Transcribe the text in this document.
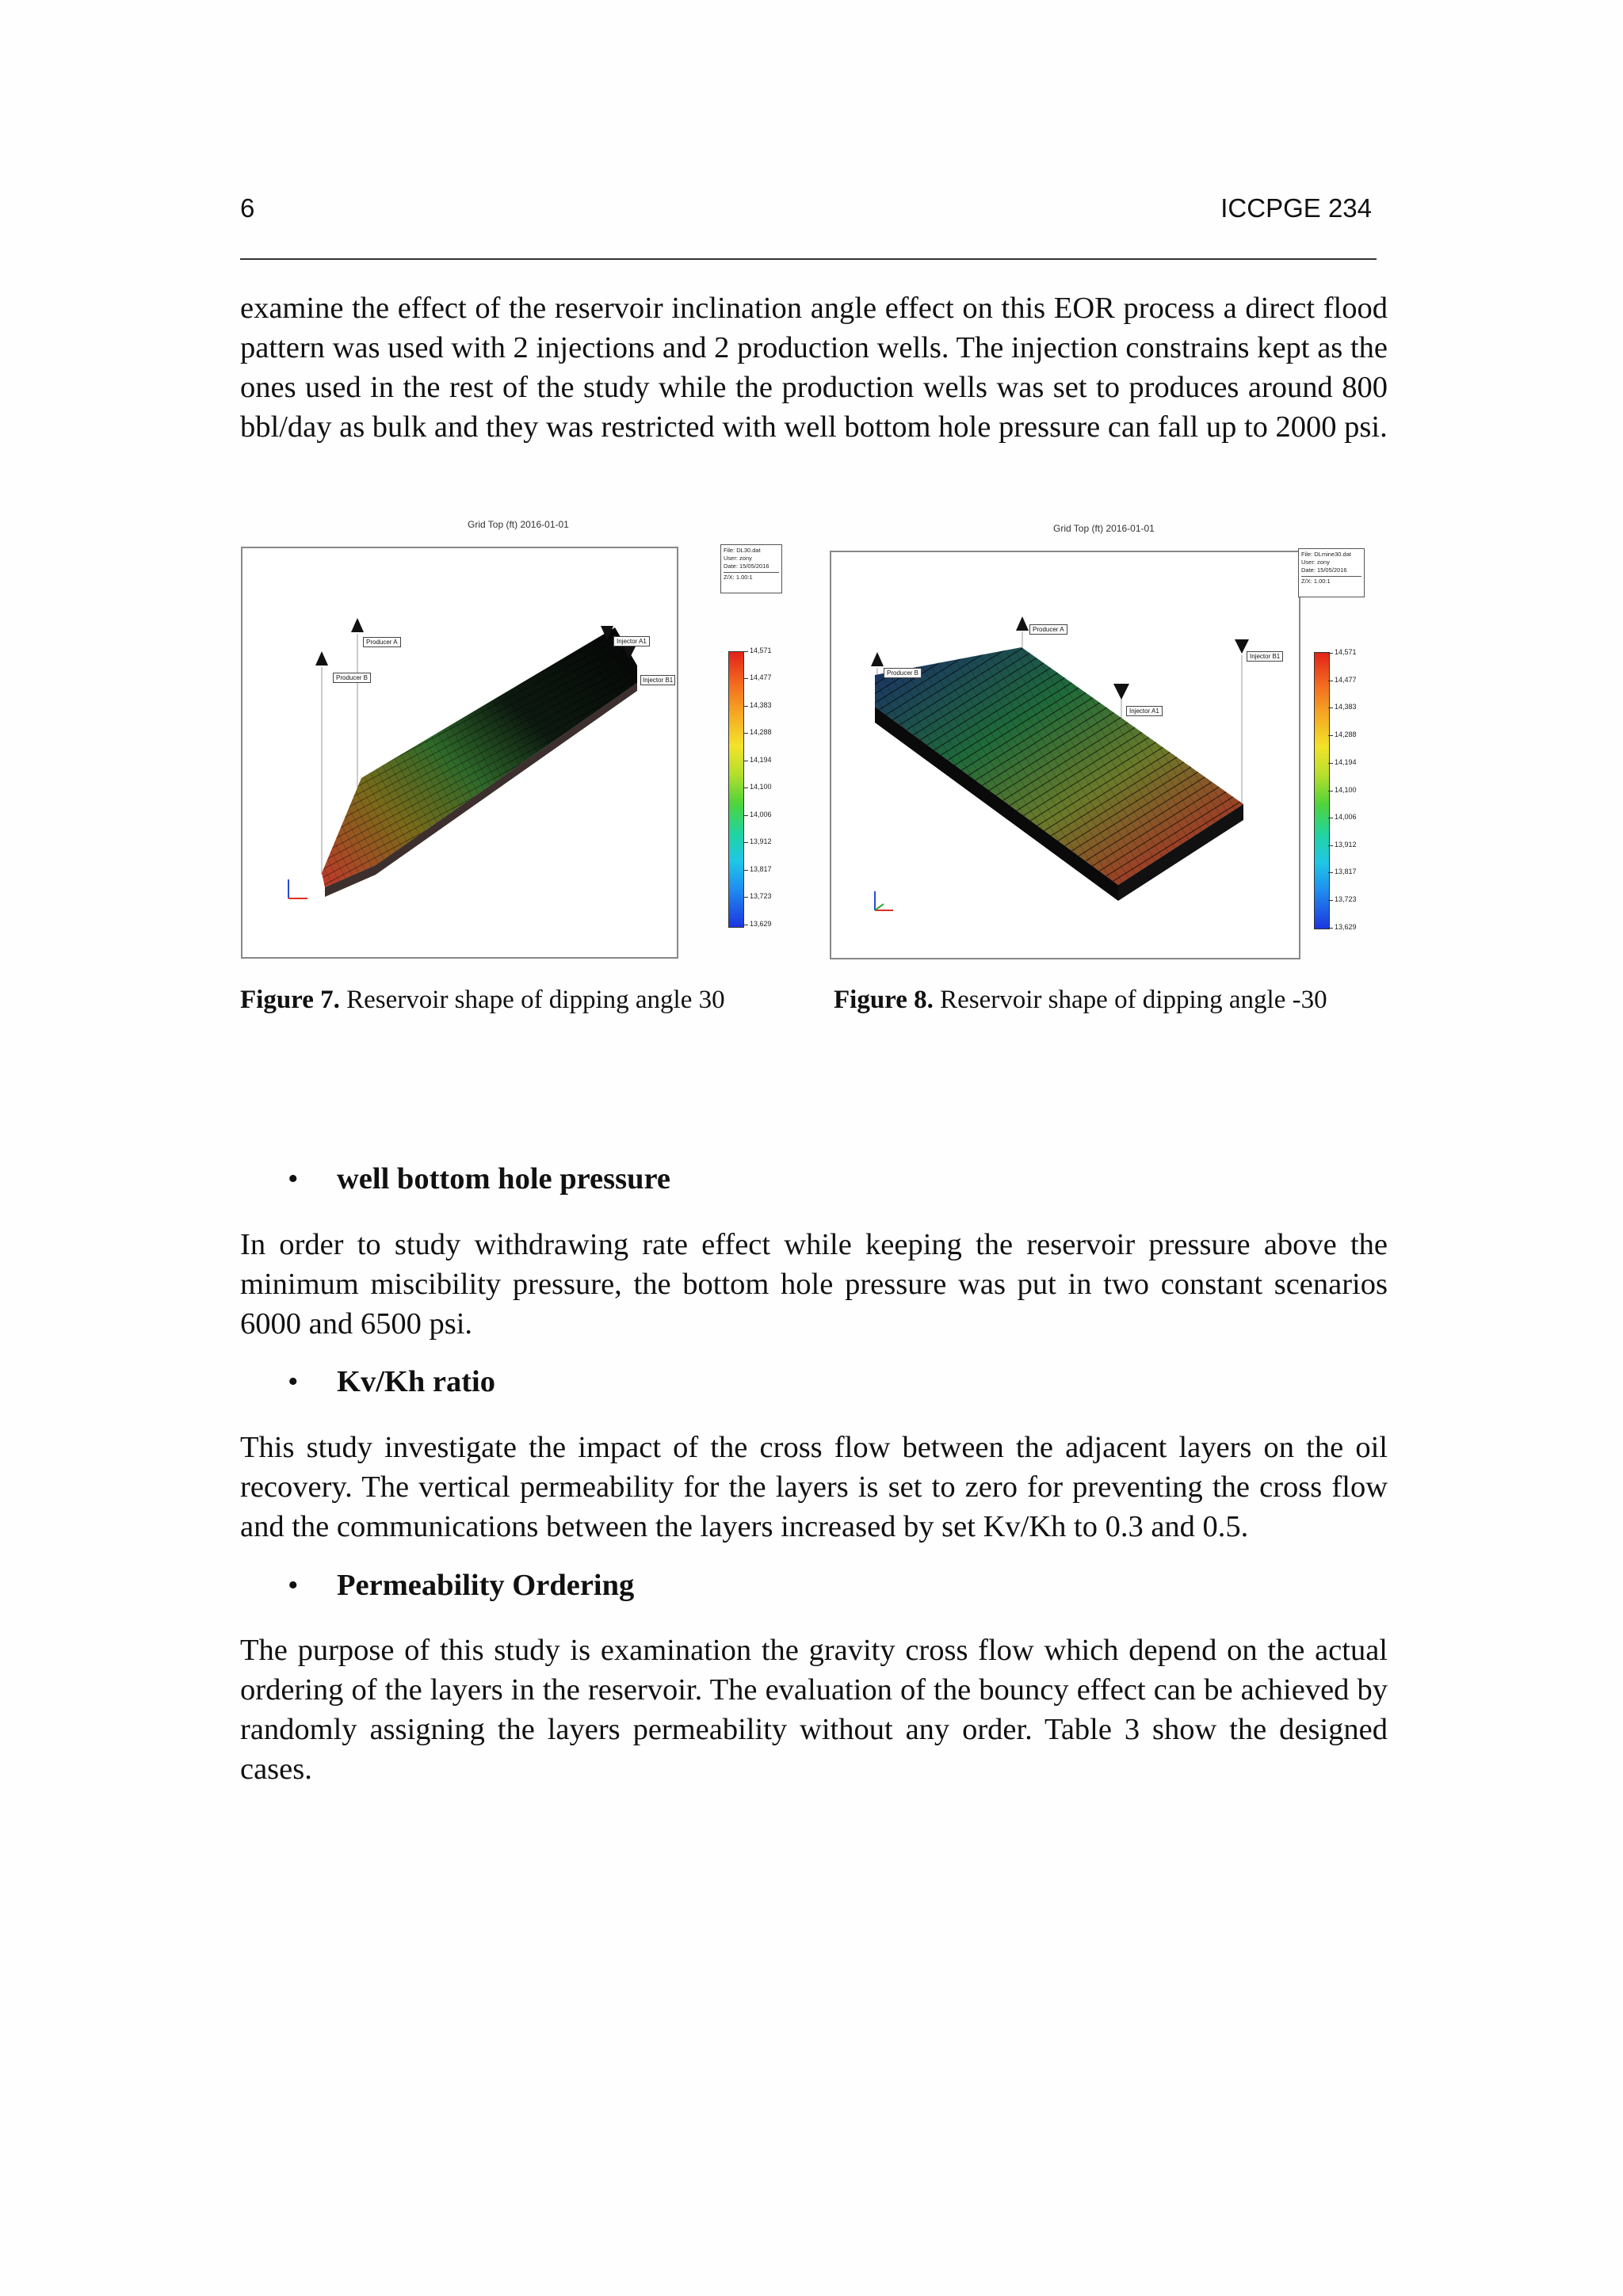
6	ICCPGE 234

examine the effect of the reservoir inclination angle effect on this EOR process a direct flood pattern was used with 2 injections and 2 production wells. The injection constrains kept as the ones used in the rest of the study while the production wells was set to produces around 800 bbl/day as bulk and they was restricted with well bottom hole pressure can fall up to 2000 psi.

Grid Top (ft) 2016-01-01
Producer B
Producer A	Injector A1
Injector B1
File: DL30.dat
User: zony
Date: 15/05/2016
Z/X: 1.00:1
14,571
14,477
14,383
14,288
14,194
14,100
14,006
13,912
13,817
13,723
13,629
Grid Top (ft) 2016-01-01
Producer B
Producer A
Injector B1
Injector A1
File: DLmine30.dat
User: zony
Date: 15/05/2016
Z/X: 1.00:1
14,571
14,477
14,383
14,288
14,194
14,100
14,006
13,912
13,817
13,723
13,629
Figure 7. Reservoir shape of dipping angle 30	Figure 8. Reservoir shape of dipping angle -30
• well bottom hole pressure

In order to study withdrawing rate effect while keeping the reservoir pressure above the minimum miscibility pressure, the bottom hole pressure was put in two constant scenarios 6000 and 6500 psi.

• Kv/Kh ratio

This study investigate the impact of the cross flow between the adjacent layers on the oil recovery. The vertical permeability for the layers is set to zero for preventing the cross flow and the communications between the layers increased by set Kv/Kh to 0.3 and 0.5.

• Permeability Ordering

The purpose of this study is examination the gravity cross flow which depend on the actual ordering of the layers in the reservoir. The evaluation of the bouncy effect can be achieved by randomly assigning the layers permeability without any order. Table 3 show the designed cases.
